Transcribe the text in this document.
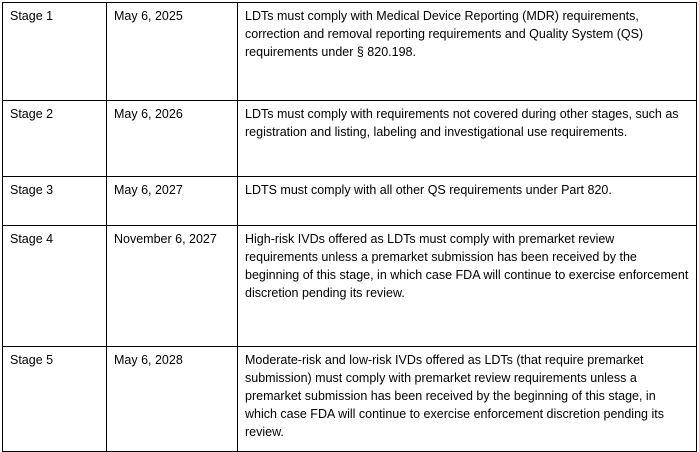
Stage 1	May 6, 2025	LDTs must comply with Medical Device Reporting (MDR) requirements, correction and removal reporting requirements and Quality System (QS) requirements under § 820.198.
Stage 2	May 6, 2026	LDTs must comply with requirements not covered during other stages, such as registration and listing, labeling and investigational use requirements.
Stage 3	May 6, 2027	LDTS must comply with all other QS requirements under Part 820.
Stage 4	November 6, 2027	High-risk IVDs offered as LDTs must comply with premarket review requirements unless a premarket submission has been received by the beginning of this stage, in which case FDA will continue to exercise enforcement discretion pending its review.
Stage 5	May 6, 2028	Moderate-risk and low-risk IVDs offered as LDTs (that require premarket submission) must comply with premarket review requirements unless a premarket submission has been received by the beginning of this stage, in which case FDA will continue to exercise enforcement discretion pending its review.
